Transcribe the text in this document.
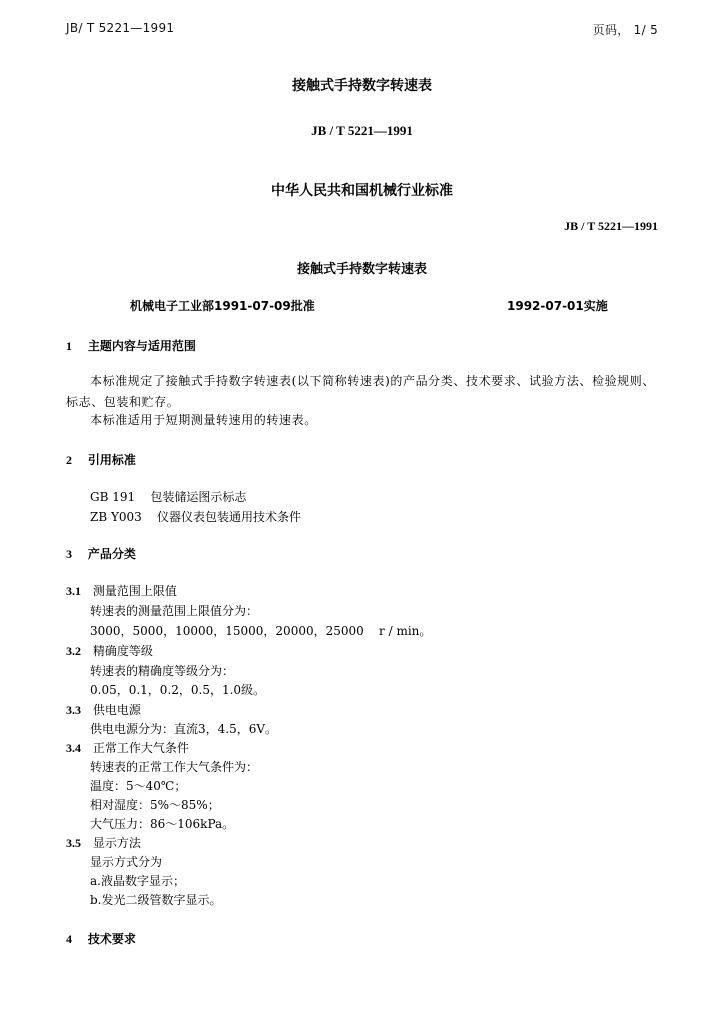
JB/ T 5221—1991	页码， 1/ 5
接触式手持数字转速表
JB / T 5221—1991
中华人民共和国机械行业标准
JB / T 5221—1991
接触式手持数字转速表
机械电子工业部1991-07-09批准	1992-07-01实施
1 主题内容与适用范围
本标准规定了接触式手持数字转速表(以下简称转速表)的产品分类、技术要求、试验方法、检验规则、标志、包装和贮存。
本标准适用于短期测量转速用的转速表。
2 引用标准
GB 191    包装储运图示标志
ZB Y003    仪器仪表包装通用技术条件
3 产品分类
3.1 测量范围上限值
转速表的测量范围上限值分为：
3000，5000，10000，15000，20000，25000    r / min。
3.2 精确度等级
转速表的精确度等级分为：
0.05，0.1，0.2，0.5，1.0级。
3.3 供电电源
供电电源分为：直流3，4.5，6V。
3.4 正常工作大气条件
转速表的正常工作大气条件为：
温度：5～40℃；
相对湿度：5%～85%；
大气压力：86～106kPa。
3.5 显示方法
显示方式分为
a.液晶数字显示；
b.发光二级管数字显示。
4 技术要求
